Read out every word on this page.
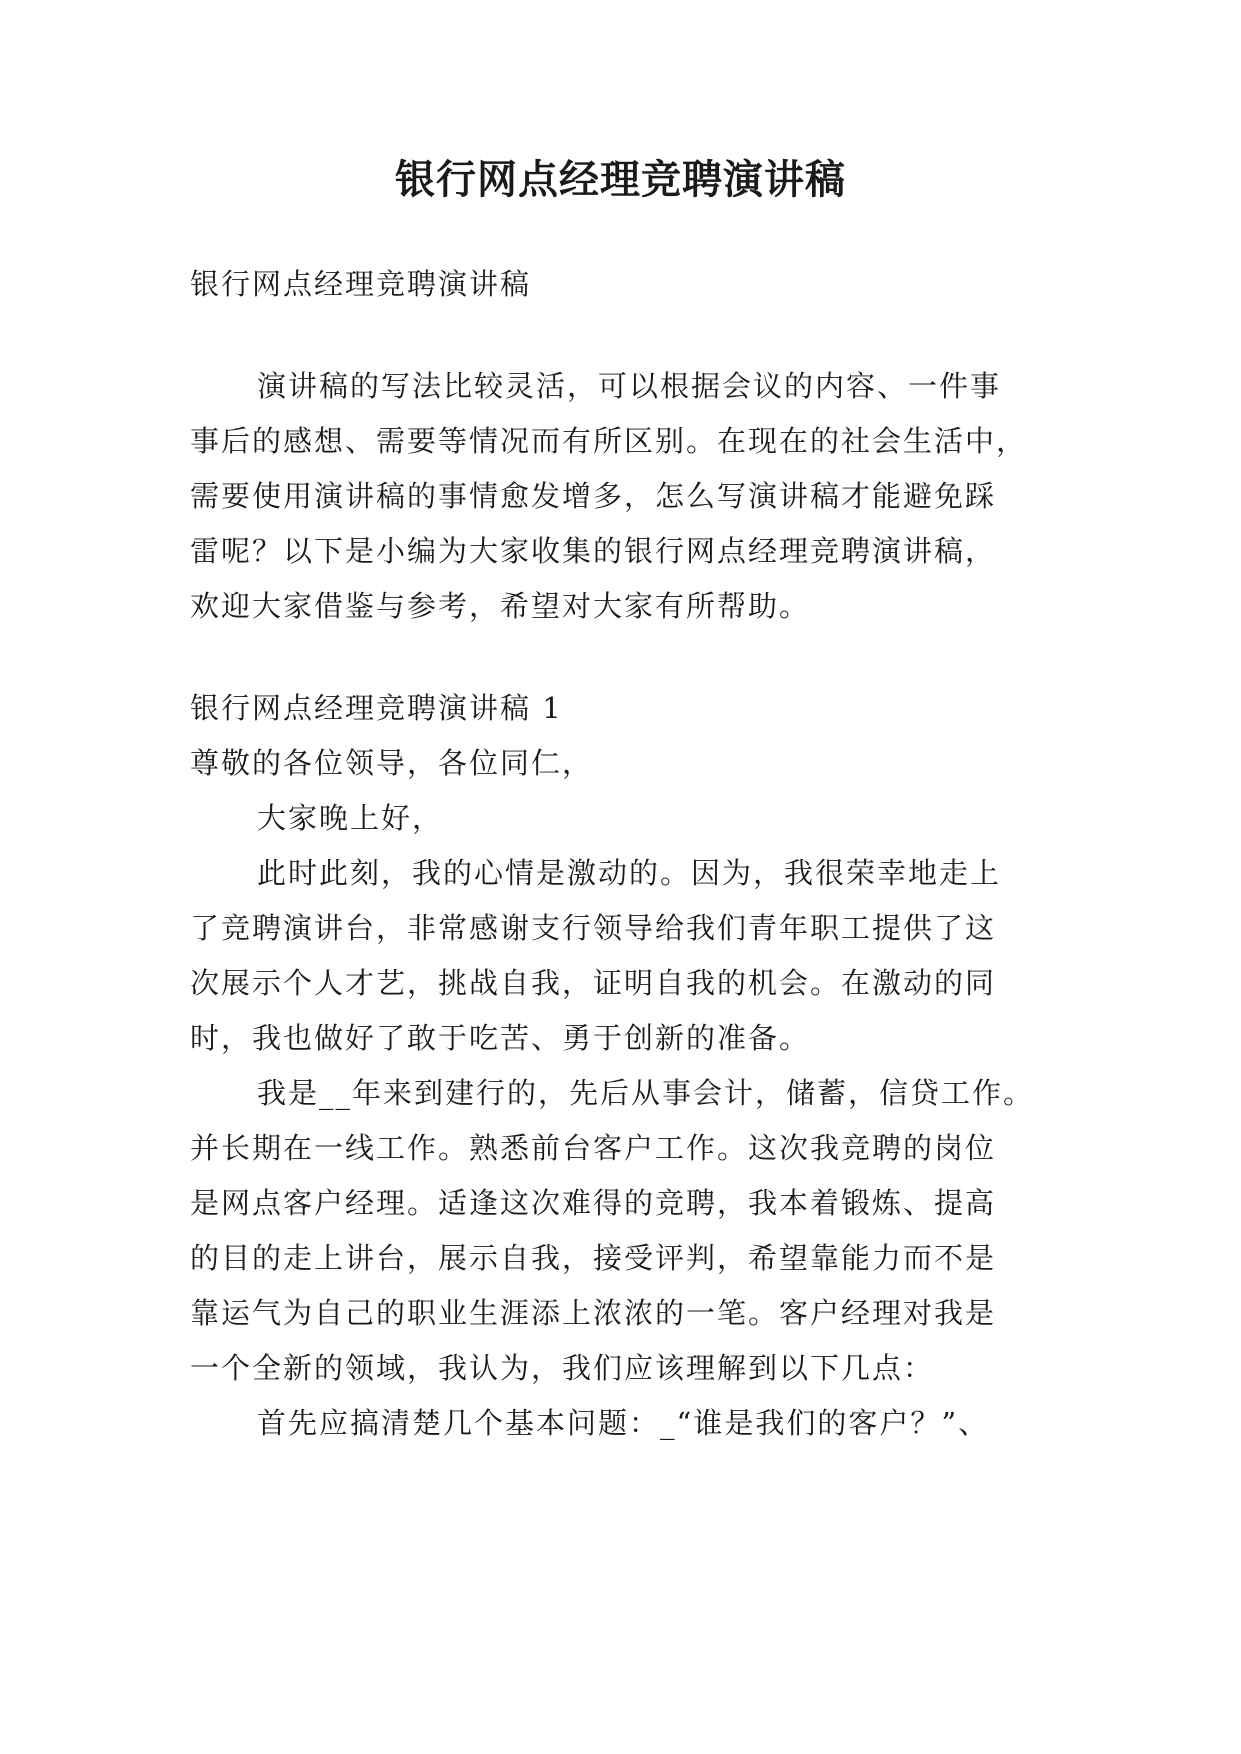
银行网点经理竞聘演讲稿
银行网点经理竞聘演讲稿
演讲稿的写法比较灵活，可以根据会议的内容、一件事
事后的感想、需要等情况而有所区别。在现在的社会生活中，
需要使用演讲稿的事情愈发增多，怎么写演讲稿才能避免踩
雷呢？以下是小编为大家收集的银行网点经理竞聘演讲稿，
欢迎大家借鉴与参考，希望对大家有所帮助。
银行网点经理竞聘演讲稿 1
尊敬的各位领导，各位同仁，
大家晚上好，
此时此刻，我的心情是激动的。因为，我很荣幸地走上
了竞聘演讲台，非常感谢支行领导给我们青年职工提供了这
次展示个人才艺，挑战自我，证明自我的机会。在激动的同
时，我也做好了敢于吃苦、勇于创新的准备。
我是__年来到建行的，先后从事会计，储蓄，信贷工作。
并长期在一线工作。熟悉前台客户工作。这次我竞聘的岗位
是网点客户经理。适逢这次难得的竞聘，我本着锻炼、提高
的目的走上讲台，展示自我，接受评判，希望靠能力而不是
靠运气为自己的职业生涯添上浓浓的一笔。客户经理对我是
一个全新的领域，我认为，我们应该理解到以下几点：
首先应搞清楚几个基本问题：_“谁是我们的客户？”、
